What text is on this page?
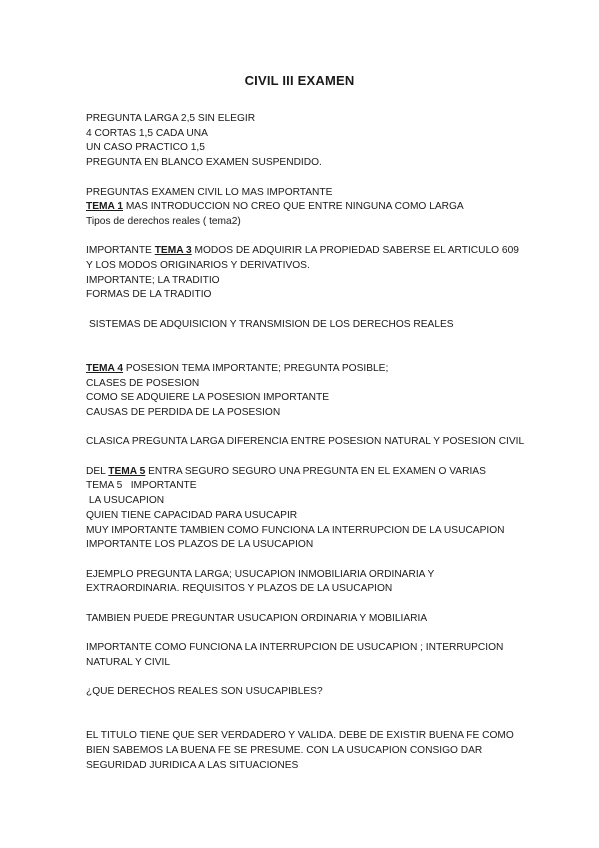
CIVIL III EXAMEN
PREGUNTA LARGA 2,5 SIN ELEGIR
4 CORTAS 1,5 CADA UNA
UN CASO PRACTICO 1,5
PREGUNTA EN BLANCO EXAMEN SUSPENDIDO.
PREGUNTAS EXAMEN CIVIL LO MAS IMPORTANTE
TEMA 1 MAS INTRODUCCION NO CREO QUE ENTRE NINGUNA COMO LARGA
Tipos de derechos reales ( tema2)
IMPORTANTE TEMA 3 MODOS DE ADQUIRIR LA PROPIEDAD SABERSE EL ARTICULO 609
Y LOS MODOS ORIGINARIOS Y DERIVATIVOS.
IMPORTANTE; LA TRADITIO
FORMAS DE LA TRADITIO
SISTEMAS DE ADQUISICION Y TRANSMISION DE LOS DERECHOS REALES
TEMA 4 POSESION TEMA IMPORTANTE; PREGUNTA POSIBLE;
CLASES DE POSESION
COMO SE ADQUIERE LA POSESION IMPORTANTE
CAUSAS DE PERDIDA DE LA POSESION
CLASICA PREGUNTA LARGA DIFERENCIA ENTRE POSESION NATURAL Y POSESION CIVIL
DEL TEMA 5 ENTRA SEGURO SEGURO UNA PREGUNTA EN EL EXAMEN O VARIAS
TEMA 5   IMPORTANTE
LA USUCAPION
QUIEN TIENE CAPACIDAD PARA USUCAPIR
MUY IMPORTANTE TAMBIEN COMO FUNCIONA LA INTERRUPCION DE LA USUCAPION
IMPORTANTE LOS PLAZOS DE LA USUCAPION
EJEMPLO PREGUNTA LARGA; USUCAPION INMOBILIARIA ORDINARIA Y
EXTRAORDINARIA. REQUISITOS Y PLAZOS DE LA USUCAPION
TAMBIEN PUEDE PREGUNTAR USUCAPION ORDINARIA Y MOBILIARIA
IMPORTANTE COMO FUNCIONA LA INTERRUPCION DE USUCAPION ; INTERRUPCION
NATURAL Y CIVIL
¿QUE DERECHOS REALES SON USUCAPIBLES?
EL TITULO TIENE QUE SER VERDADERO Y VALIDA. DEBE DE EXISTIR BUENA FE COMO
BIEN SABEMOS LA BUENA FE SE PRESUME. CON LA USUCAPION CONSIGO DAR
SEGURIDAD JURIDICA A LAS SITUACIONES
